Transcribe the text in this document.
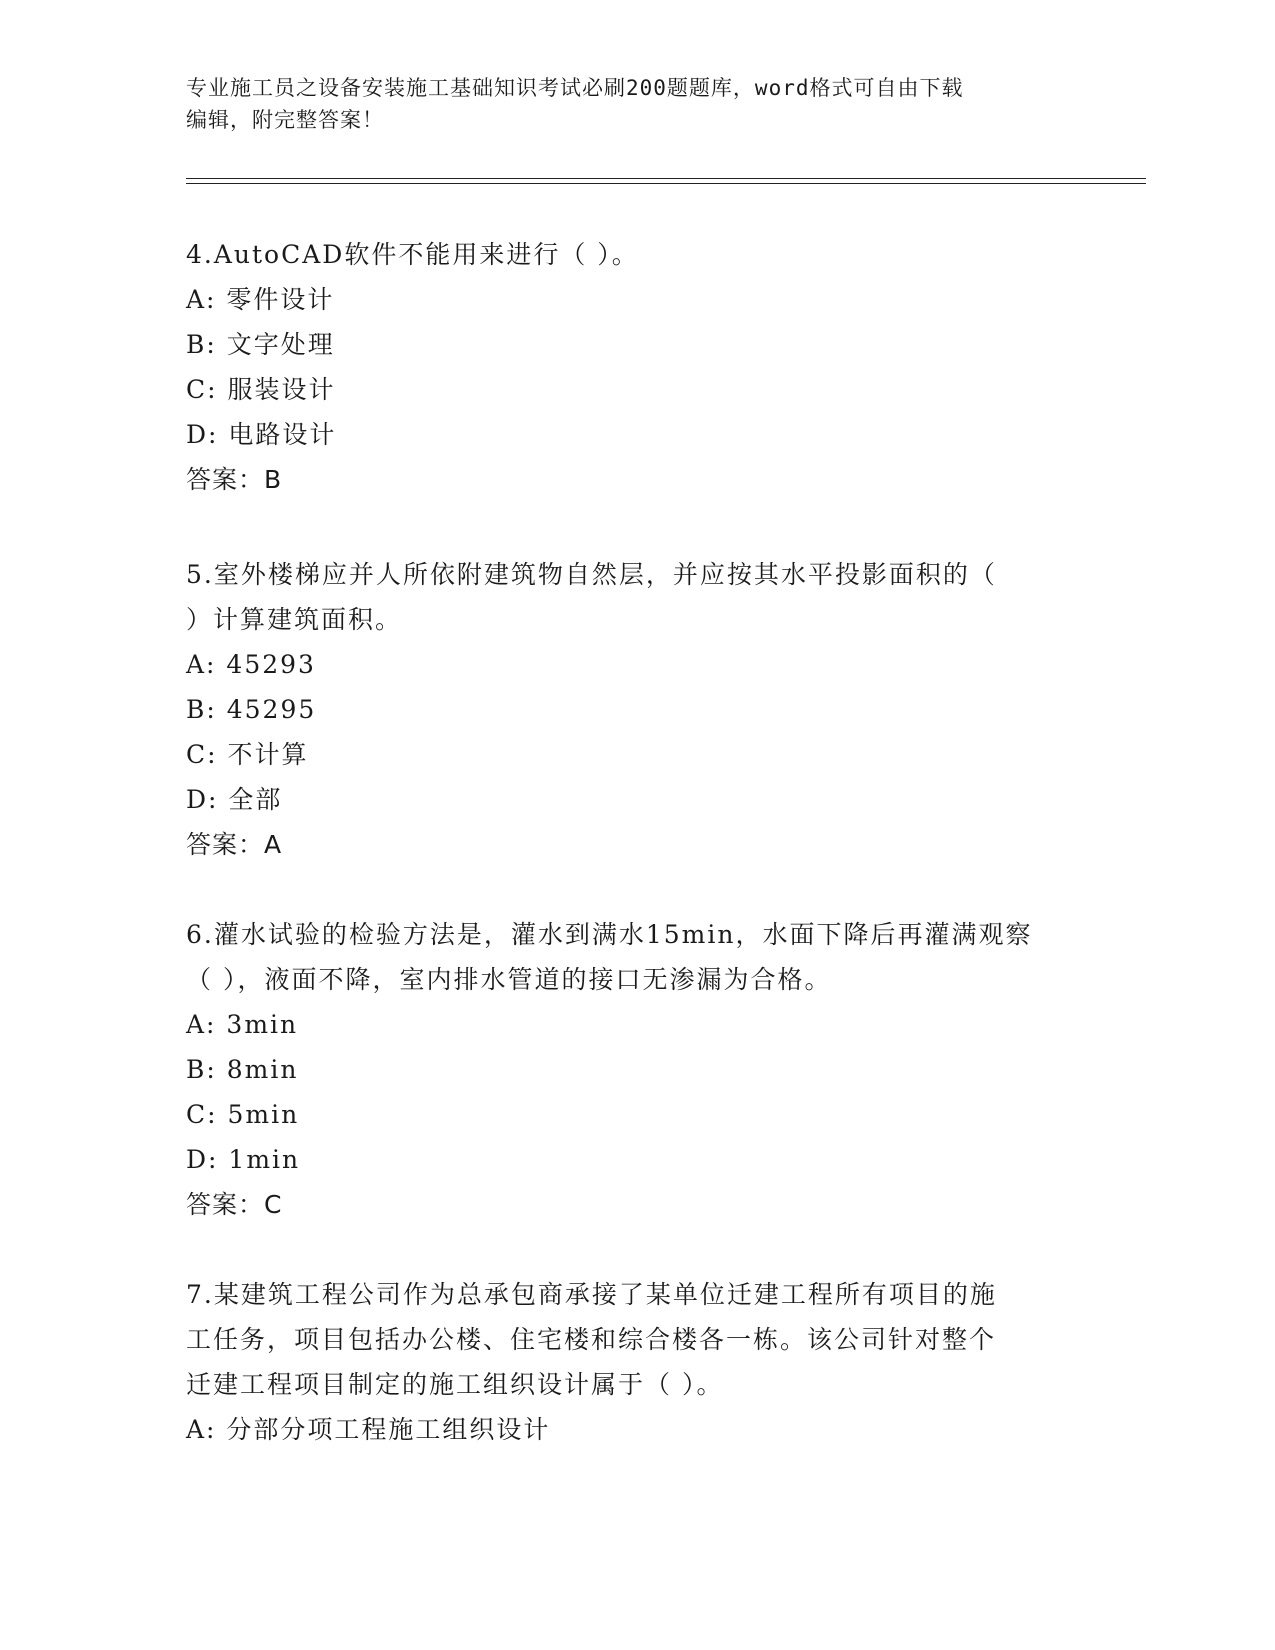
专业施工员之设备安装施工基础知识考试必刷200题题库，word格式可自由下载
编辑，附完整答案！
4.AutoCAD软件不能用来进行（ ）。
A: 零件设计
B: 文字处理
C: 服装设计
D: 电路设计
答案：B
5.室外楼梯应并人所依附建筑物自然层，并应按其水平投影面积的（
）计算建筑面积。
A: 45293
B: 45295
C: 不计算
D: 全部
答案：A
6.灌水试验的检验方法是，灌水到满水15min，水面下降后再灌满观察
（ ），液面不降，室内排水管道的接口无渗漏为合格。
A: 3min
B: 8min
C: 5min
D: 1min
答案：C
7.某建筑工程公司作为总承包商承接了某单位迁建工程所有项目的施
工任务，项目包括办公楼、住宅楼和综合楼各一栋。该公司针对整个
迁建工程项目制定的施工组织设计属于（ ）。
A: 分部分项工程施工组织设计
